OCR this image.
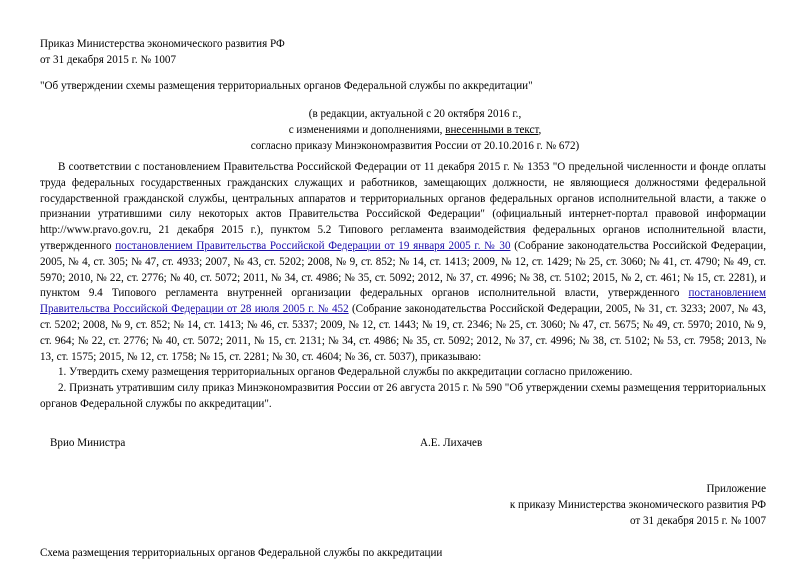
Приказ Министерства экономического развития РФ
от 31 декабря 2015 г. № 1007
"Об утверждении схемы размещения территориальных органов Федеральной службы по аккредитации"
(в редакции, актуальной с 20 октября 2016 г.,
с изменениями и дополнениями, внесенными в текст,
согласно приказу Минэкономразвития России от 20.10.2016 г. № 672)
В соответствии с постановлением Правительства Российской Федерации от 11 декабря 2015 г. № 1353 "О предельной численности и фонде оплаты труда федеральных государственных гражданских служащих и работников, замещающих должности, не являющиеся должностями федеральной государственной гражданской службы, центральных аппаратов и территориальных органов федеральных органов исполнительной власти, а также о признании утратившими силу некоторых актов Правительства Российской Федерации" (официальный интернет-портал правовой информации http://www.pravo.gov.ru, 21 декабря 2015 г.), пунктом 5.2 Типового регламента взаимодействия федеральных органов исполнительной власти, утвержденного постановлением Правительства Российской Федерации от 19 января 2005 г. № 30 (Собрание законодательства Российской Федерации, 2005, № 4, ст. 305; № 47, ст. 4933; 2007, № 43, ст. 5202; 2008, № 9, ст. 852; № 14, ст. 1413; 2009, № 12, ст. 1429; № 25, ст. 3060; № 41, ст. 4790; № 49, ст. 5970; 2010, № 22, ст. 2776; № 40, ст. 5072; 2011, № 34, ст. 4986; № 35, ст. 5092; 2012, № 37, ст. 4996; № 38, ст. 5102; 2015, № 2, ст. 461; № 15, ст. 2281), и пунктом 9.4 Типового регламента внутренней организации федеральных органов исполнительной власти, утвержденного постановлением Правительства Российской Федерации от 28 июля 2005 г. № 452 (Собрание законодательства Российской Федерации, 2005, № 31, ст. 3233; 2007, № 43, ст. 5202; 2008, № 9, ст. 852; № 14, ст. 1413; № 46, ст. 5337; 2009, № 12, ст. 1443; № 19, ст. 2346; № 25, ст. 3060; № 47, ст. 5675; № 49, ст. 5970; 2010, № 9, ст. 964; № 22, ст. 2776; № 40, ст. 5072; 2011, № 15, ст. 2131; № 34, ст. 4986; № 35, ст. 5092; 2012, № 37, ст. 4996; № 38, ст. 5102; № 53, ст. 7958; 2013, № 13, ст. 1575; 2015, № 12, ст. 1758; № 15, ст. 2281; № 30, ст. 4604; № 36, ст. 5037), приказываю:
1. Утвердить схему размещения территориальных органов Федеральной службы по аккредитации согласно приложению.
2. Признать утратившим силу приказ Минэкономразвития России от 26 августа 2015 г. № 590 "Об утверждении схемы размещения территориальных органов Федеральной службы по аккредитации".
Врио Министра	А.Е. Лихачев
Приложение
к приказу Министерства экономического развития РФ
от 31 декабря 2015 г. № 1007
Схема размещения территориальных органов Федеральной службы по аккредитации
